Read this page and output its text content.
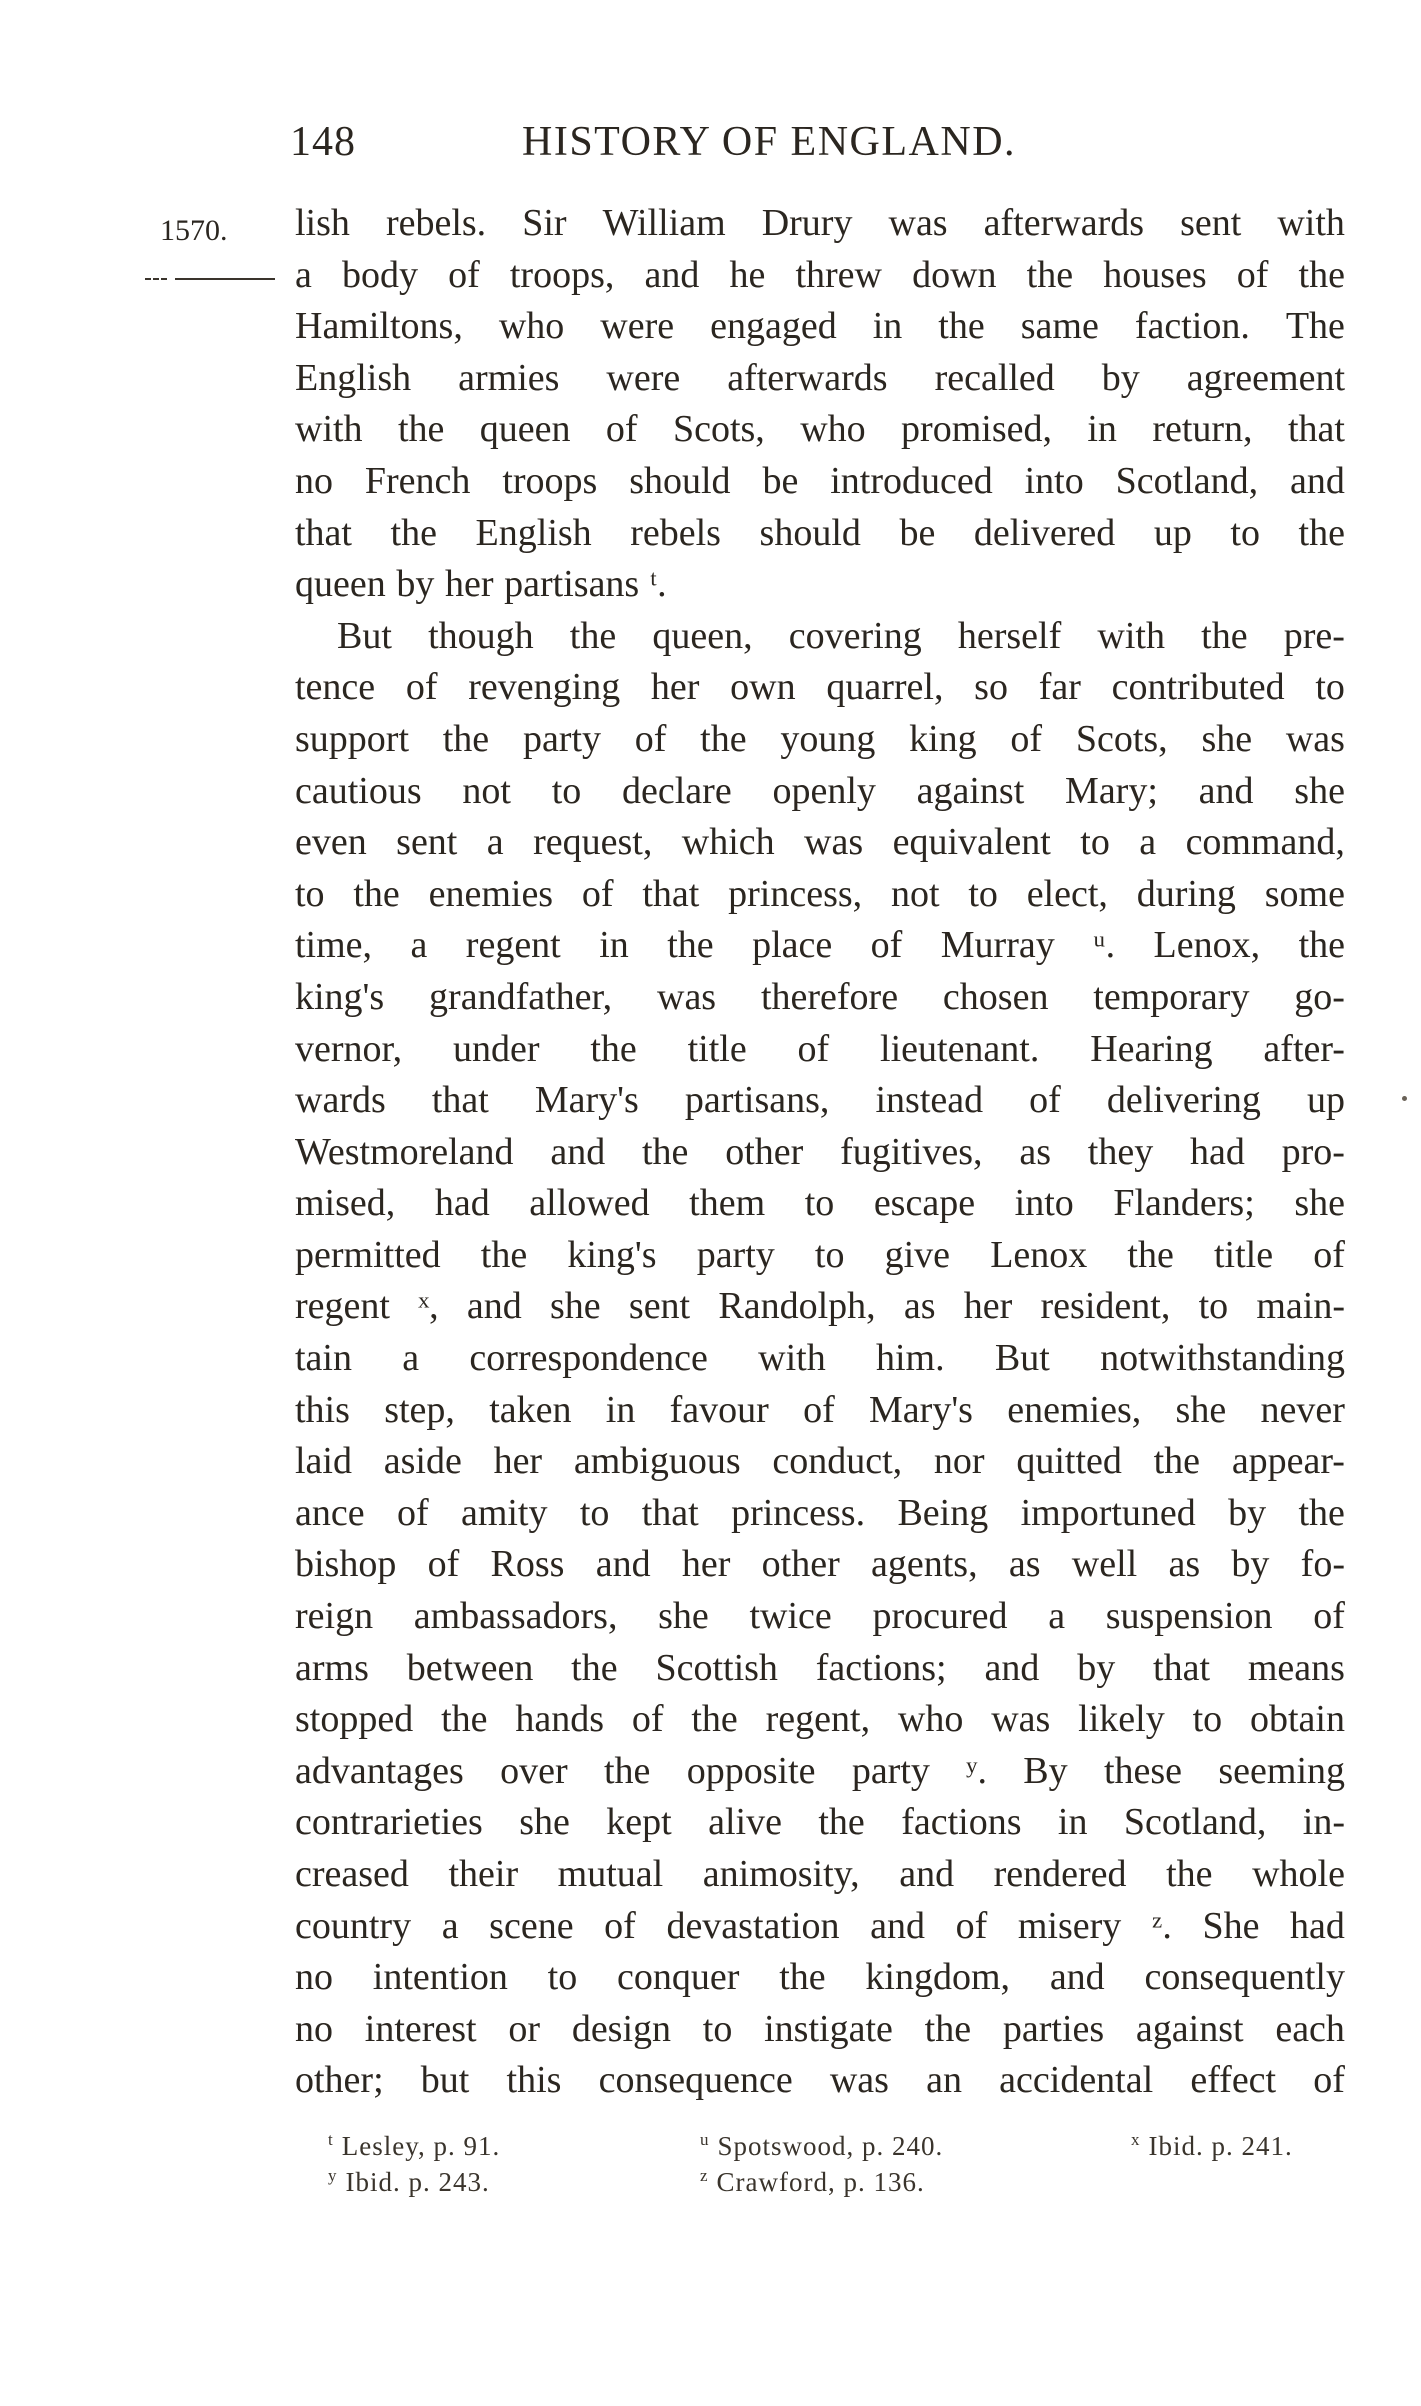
148	HISTORY OF ENGLAND.
1570. lish rebels. Sir William Drury was afterwards sent with
a body of troops, and he threw down the houses of the
Hamiltons, who were engaged in the same faction. The
English armies were afterwards recalled by agreement
with the queen of Scots, who promised, in return, that
no French troops should be introduced into Scotland, and
that the English rebels should be delivered up to the
queen by her partisans ᵗ.
But though the queen, covering herself with the pre-
tence of revenging her own quarrel, so far contributed to
support the party of the young king of Scots, she was
cautious not to declare openly against Mary; and she
even sent a request, which was equivalent to a command,
to the enemies of that princess, not to elect, during some
time, a regent in the place of Murray ᵘ. Lenox, the
king's grandfather, was therefore chosen temporary go-
vernor, under the title of lieutenant. Hearing after-
wards that Mary's partisans, instead of delivering up
Westmoreland and the other fugitives, as they had pro-
mised, had allowed them to escape into Flanders; she
permitted the king's party to give Lenox the title of
regent ˣ, and she sent Randolph, as her resident, to main-
tain a correspondence with him. But notwithstanding
this step, taken in favour of Mary's enemies, she never
laid aside her ambiguous conduct, nor quitted the appear-
ance of amity to that princess. Being importuned by the
bishop of Ross and her other agents, as well as by fo-
reign ambassadors, she twice procured a suspension of
arms between the Scottish factions; and by that means
stopped the hands of the regent, who was likely to obtain
advantages over the opposite party ʸ. By these seeming
contrarieties she kept alive the factions in Scotland, in-
creased their mutual animosity, and rendered the whole
country a scene of devastation and of misery ᶻ. She had
no intention to conquer the kingdom, and consequently
no interest or design to instigate the parties against each
other; but this consequence was an accidental effect of
$^t$ Lesley, p. 91.	$^u$ Spotswood, p. 240.	$^x$ Ibid. p. 241.
$^y$ Ibid. p. 243.	$^z$ Crawford, p. 136.
